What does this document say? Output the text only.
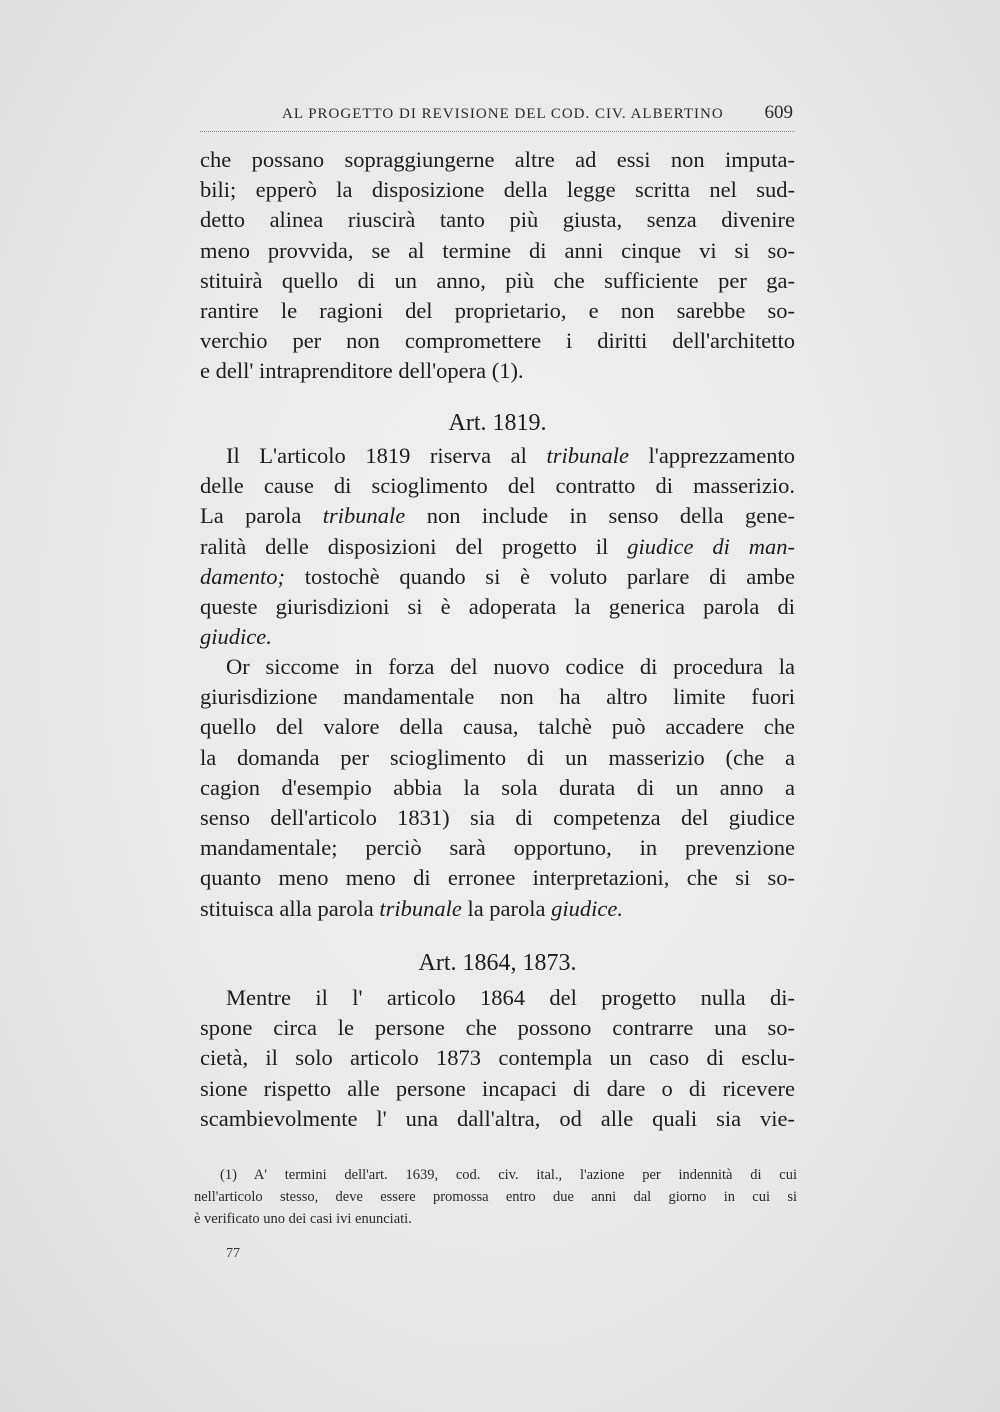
AL PROGETTO DI REVISIONE DEL COD. CIV. ALBERTINO 609
che possano sopraggiungerne altre ad essi non imputa-
bili; epperò la disposizione della legge scritta nel sud-
detto alinea riuscirà tanto più giusta, senza divenire
meno provvida, se al termine di anni cinque vi si so-
stituirà quello di un anno, più che sufficiente per ga-
rantire le ragioni del proprietario, e non sarebbe so-
verchio per non compromettere i diritti dell'architetto
e dell' intraprenditore dell'opera (1).
Art. 1819.
Il L'articolo 1819 riserva al tribunale l'apprezzamento
delle cause di scioglimento del contratto di masserizio.
La parola tribunale non include in senso della gene-
ralità delle disposizioni del progetto il giudice di man-
damento; tostochè quando si è voluto parlare di ambe
queste giurisdizioni si è adoperata la generica parola di
giudice.
Or siccome in forza del nuovo codice di procedura la
giurisdizione mandamentale non ha altro limite fuori
quello del valore della causa, talchè può accadere che
la domanda per scioglimento di un masserizio (che a
cagion d'esempio abbia la sola durata di un anno a
senso dell'articolo 1831) sia di competenza del giudice
mandamentale; perciò sarà opportuno, in prevenzione
quanto meno meno di erronee interpretazioni, che si so-
stituisca alla parola tribunale la parola giudice.
Art. 1864, 1873.
Mentre il l' articolo 1864 del progetto nulla di-
spone circa le persone che possono contrarre una so-
cietà, il solo articolo 1873 contempla un caso di esclu-
sione rispetto alle persone incapaci di dare o di ricevere
scambievolmente l' una dall'altra, od alle quali sia vie-
(1) A' termini dell'art. 1639, cod. civ. ital., l'azione per indennità di cui
nell'articolo stesso, deve essere promossa entro due anni dal giorno in cui si
è verificato uno dei casi ivi enunciati.
77
